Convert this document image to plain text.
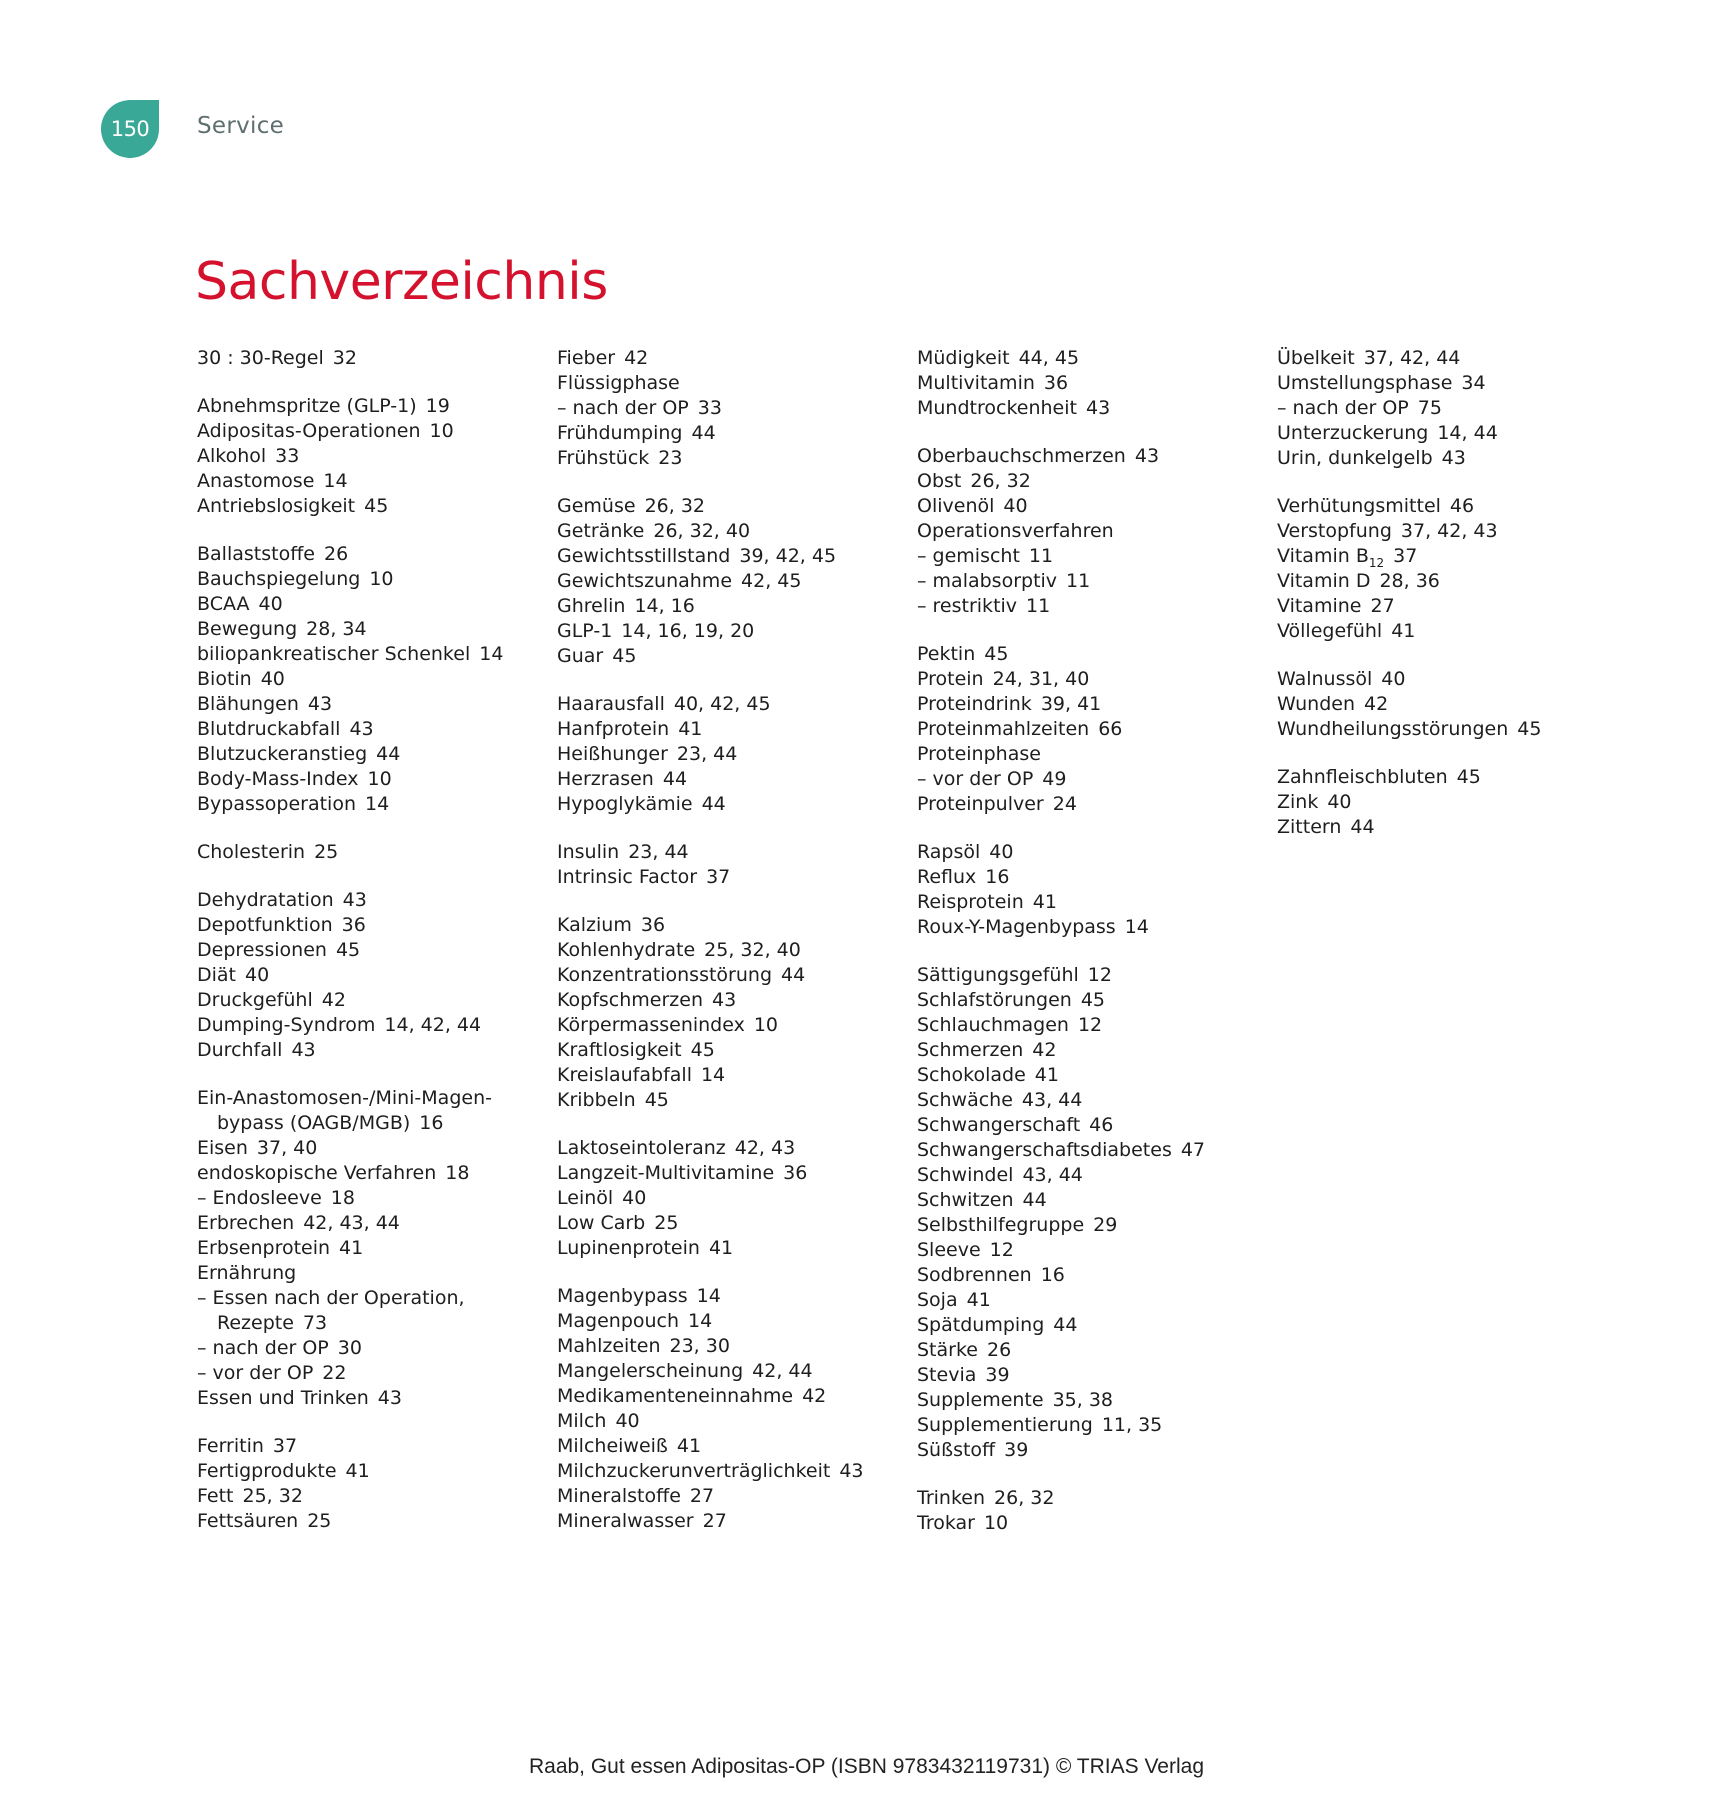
150	Service
Sachverzeichnis
30 : 30-Regel 32
Abnehmspritze (GLP-1) 19
Adipositas-Operationen 10
Alkohol 33
Anastomose 14
Antriebslosigkeit 45
Ballaststoffe 26
Bauchspiegelung 10
BCAA 40
Bewegung 28, 34
biliopankreatischer Schenkel 14
Biotin 40
Blähungen 43
Blutdruckabfall 43
Blutzuckeranstieg 44
Body-Mass-Index 10
Bypassoperation 14
Cholesterin 25
Dehydratation 43
Depotfunktion 36
Depressionen 45
Diät 40
Druckgefühl 42
Dumping-Syndrom 14, 42, 44
Durchfall 43
Ein-Anastomosen-/Mini-Magen-
bypass (OAGB/MGB) 16
Eisen 37, 40
endoskopische Verfahren 18
– Endosleeve 18
Erbrechen 42, 43, 44
Erbsenprotein 41
Ernährung
– Essen nach der Operation,
Rezepte 73
– nach der OP 30
– vor der OP 22
Essen und Trinken 43
Ferritin 37
Fertigprodukte 41
Fett 25, 32
Fettsäuren 25
Fieber 42
Flüssigphase
– nach der OP 33
Frühdumping 44
Frühstück 23
Gemüse 26, 32
Getränke 26, 32, 40
Gewichtsstillstand 39, 42, 45
Gewichtszunahme 42, 45
Ghrelin 14, 16
GLP-1 14, 16, 19, 20
Guar 45
Haarausfall 40, 42, 45
Hanfprotein 41
Heißhunger 23, 44
Herzrasen 44
Hypoglykämie 44
Insulin 23, 44
Intrinsic Factor 37
Kalzium 36
Kohlenhydrate 25, 32, 40
Konzentrationsstörung 44
Kopfschmerzen 43
Körpermassenindex 10
Kraftlosigkeit 45
Kreislaufabfall 14
Kribbeln 45
Laktoseintoleranz 42, 43
Langzeit-Multivitamine 36
Leinöl 40
Low Carb 25
Lupinenprotein 41
Magenbypass 14
Magenpouch 14
Mahlzeiten 23, 30
Mangelerscheinung 42, 44
Medikamenteneinnahme 42
Milch 40
Milcheiweiß 41
Milchzuckerunverträglichkeit 43
Mineralstoffe 27
Mineralwasser 27
Müdigkeit 44, 45
Multivitamin 36
Mundtrockenheit 43
Oberbauchschmerzen 43
Obst 26, 32
Olivenöl 40
Operationsverfahren
– gemischt 11
– malabsorptiv 11
– restriktiv 11
Pektin 45
Protein 24, 31, 40
Proteindrink 39, 41
Proteinmahlzeiten 66
Proteinphase
– vor der OP 49
Proteinpulver 24
Rapsöl 40
Reflux 16
Reisprotein 41
Roux-Y-Magenbypass 14
Sättigungsgefühl 12
Schlafstörungen 45
Schlauchmagen 12
Schmerzen 42
Schokolade 41
Schwäche 43, 44
Schwangerschaft 46
Schwangerschaftsdiabetes 47
Schwindel 43, 44
Schwitzen 44
Selbsthilfegruppe 29
Sleeve 12
Sodbrennen 16
Soja 41
Spätdumping 44
Stärke 26
Stevia 39
Supplemente 35, 38
Supplementierung 11, 35
Süßstoff 39
Trinken 26, 32
Trokar 10
Übelkeit 37, 42, 44
Umstellungsphase 34
– nach der OP 75
Unterzuckerung 14, 44
Urin, dunkelgelb 43
Verhütungsmittel 46
Verstopfung 37, 42, 43
Vitamin $B_{12}$ 37
Vitamin D 28, 36
Vitamine 27
Völlegefühl 41
Walnussöl 40
Wunden 42
Wundheilungsstörungen 45
Zahnfleischbluten 45
Zink 40
Zittern 44
Raab, Gut essen Adipositas-OP (ISBN 9783432119731) © TRIAS Verlag
